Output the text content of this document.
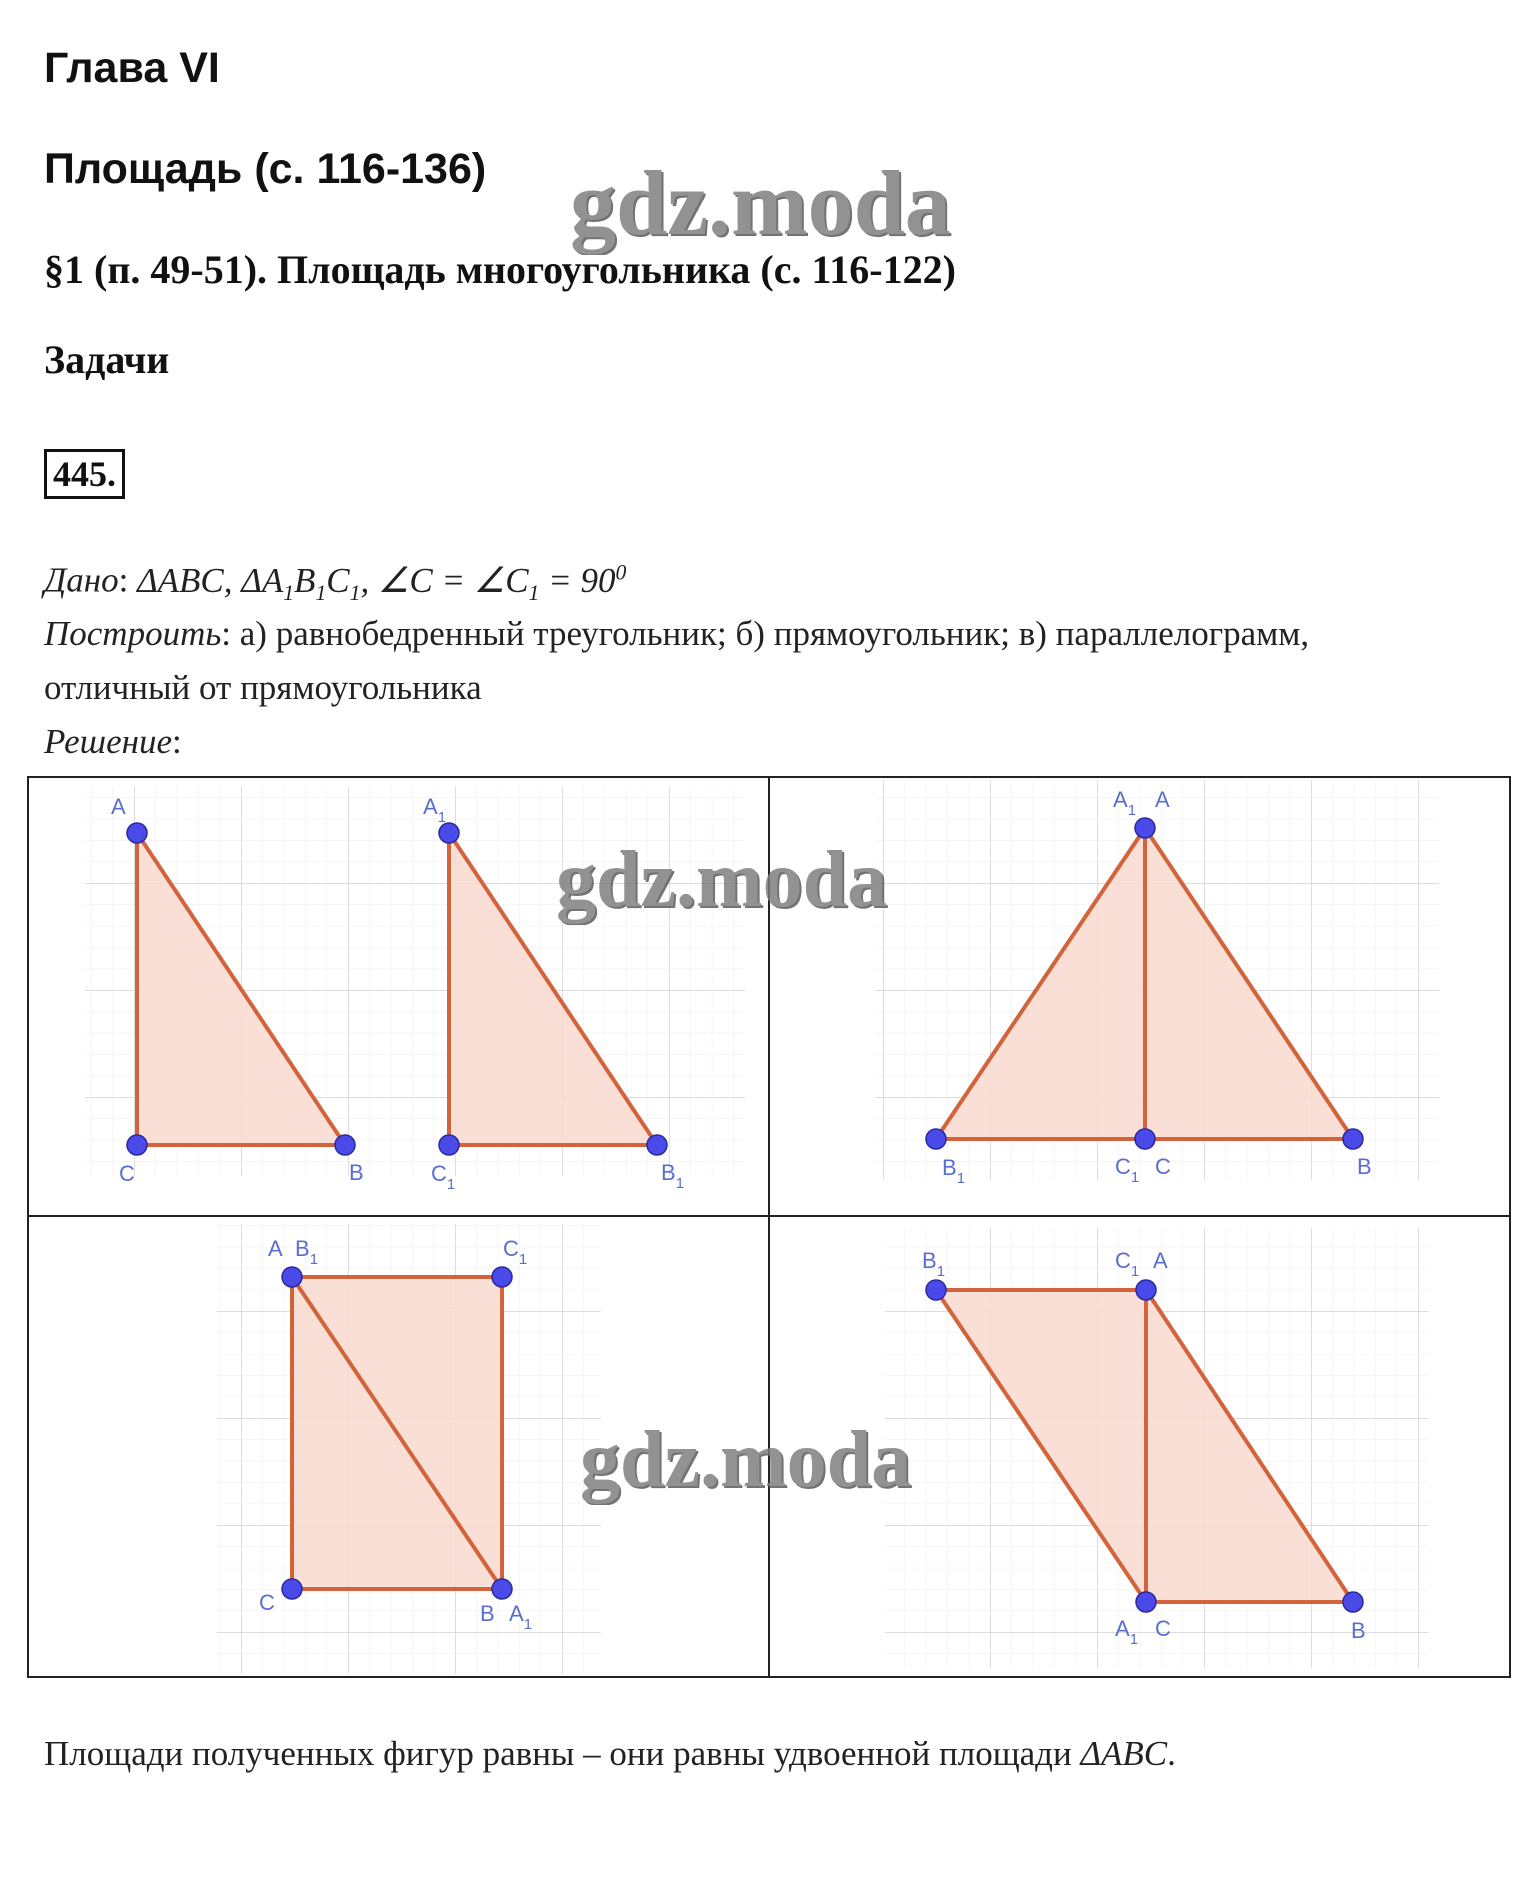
Глава VI
Площадь (с. 116-136)
§1 (п. 49-51). Площадь многоугольника (с. 116-122)
Задачи
445.
Дано: ΔABC, $\Delta A_1B_1C_1$, ∠C = $\angle C_1 = 90^0$
Построить: а) равнобедренный треугольник; б) прямоугольник; в) параллелограмм,
отличный от прямоугольника
Решение:
A
C	B
$A_1$
$C_1$	$B_1$
$A_1$ A
$B_1$	$C_1$ C	B
A $B_1$	$C_1$
C	B $A_1$
$B_1$	$C_1$ A
$A_1$ C	B
Площади полученных фигур равны – они равны удвоенной площади ΔABC.
gdz.moda
gdz.moda
gdz.moda
